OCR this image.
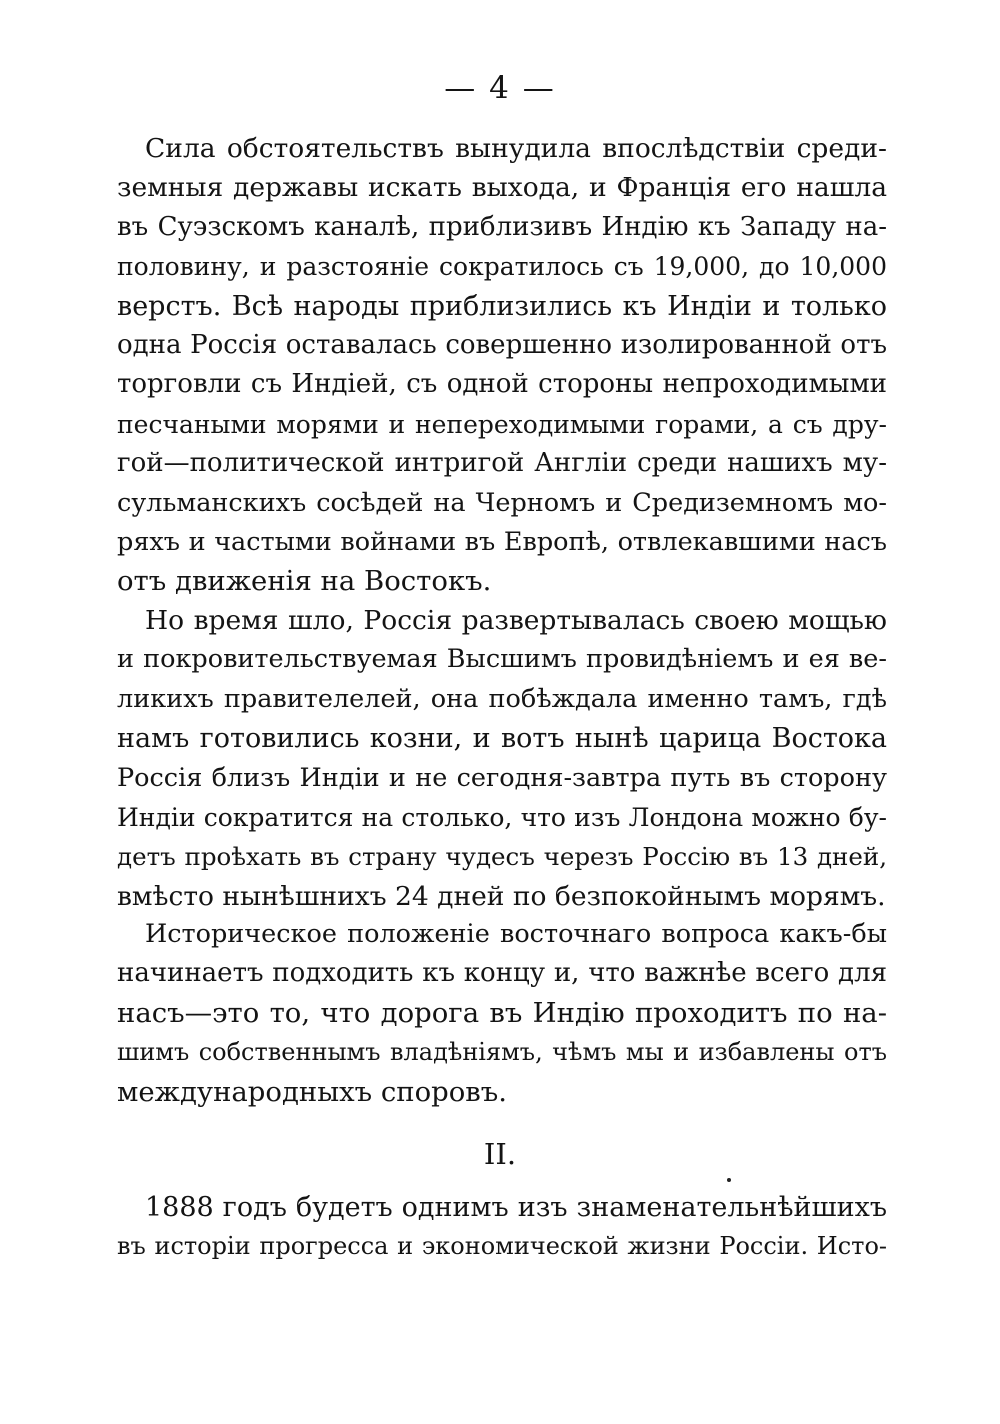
— 4 —
Сила обстоятельствъ вынудила впослѣдствіи среди-
земныя державы искать выхода, и Франція его нашла
въ Суэзскомъ каналѣ, приблизивъ Индію къ Западу на-
половину, и разстояніе сократилось съ 19,000, до 10,000
верстъ. Всѣ народы приблизились къ Индіи и только
одна Россія оставалась совершенно изолированной отъ
торговли съ Индіей, съ одной стороны непроходимыми
песчаными морями и непереходимыми горами, а съ дру-
гой—политической интригой Англіи среди нашихъ му-
сульманскихъ сосѣдей на Черномъ и Средиземномъ мо-
ряхъ и частыми войнами въ Европѣ, отвлекавшими насъ
отъ движенія на Востокъ.
Но время шло, Россія развертывалась своею мощью
и покровительствуемая Высшимъ провидѣніемъ и ея ве-
ликихъ правителелей, она побѣждала именно тамъ, гдѣ
намъ готовились козни, и вотъ нынѣ царица Востока
Россія близъ Индіи и не сегодня-завтра путь въ сторону
Индіи сократится на столько, что изъ Лондона можно бу-
детъ проѣхать въ страну чудесъ черезъ Россію въ 13 дней,
вмѣсто нынѣшнихъ 24 дней по безпокойнымъ морямъ.
Историческое положеніе восточнаго вопроса какъ-бы
начинаетъ подходить къ концу и, что важнѣе всего для
насъ—это то, что дорога въ Индію проходитъ по на-
шимъ собственнымъ владѣніямъ, чѣмъ мы и избавлены отъ
международныхъ споровъ.
II.
1888 годъ будетъ однимъ изъ знаменательнѣйшихъ
въ исторіи прогресса и экономической жизни Россіи. Исто-
